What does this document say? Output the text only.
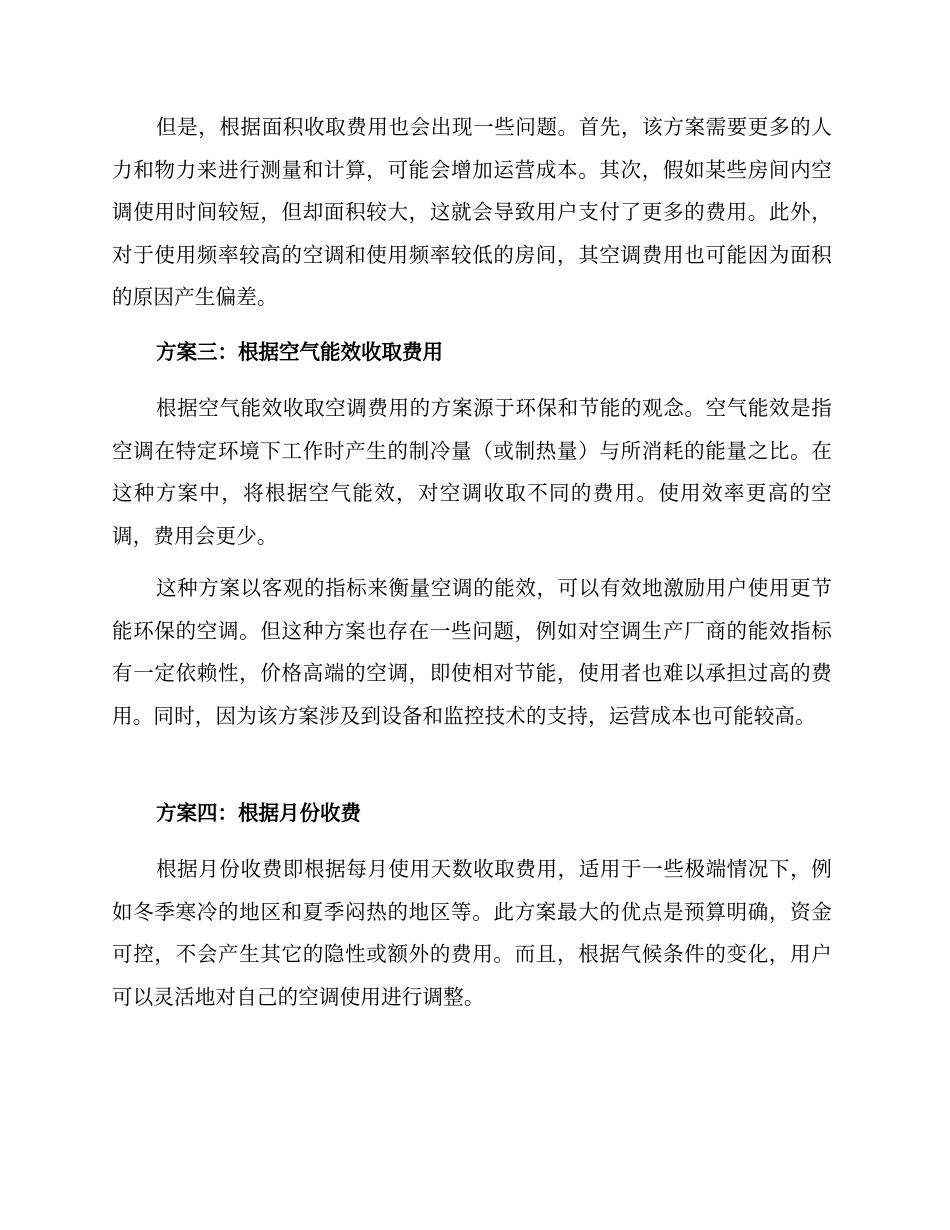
但是，根据面积收取费用也会出现一些问题。首先，该方案需要更多的人力和物力来进行测量和计算，可能会增加运营成本。其次，假如某些房间内空调使用时间较短，但却面积较大，这就会导致用户支付了更多的费用。此外，对于使用频率较高的空调和使用频率较低的房间，其空调费用也可能因为面积的原因产生偏差。

方案三：根据空气能效收取费用

根据空气能效收取空调费用的方案源于环保和节能的观念。空气能效是指空调在特定环境下工作时产生的制冷量（或制热量）与所消耗的能量之比。在这种方案中，将根据空气能效，对空调收取不同的费用。使用效率更高的空调，费用会更少。

这种方案以客观的指标来衡量空调的能效，可以有效地激励用户使用更节能环保的空调。但这种方案也存在一些问题，例如对空调生产厂商的能效指标有一定依赖性，价格高端的空调，即使相对节能，使用者也难以承担过高的费用。同时，因为该方案涉及到设备和监控技术的支持，运营成本也可能较高。

方案四：根据月份收费

根据月份收费即根据每月使用天数收取费用，适用于一些极端情况下，例如冬季寒冷的地区和夏季闷热的地区等。此方案最大的优点是预算明确，资金可控，不会产生其它的隐性或额外的费用。而且，根据气候条件的变化，用户可以灵活地对自己的空调使用进行调整。
